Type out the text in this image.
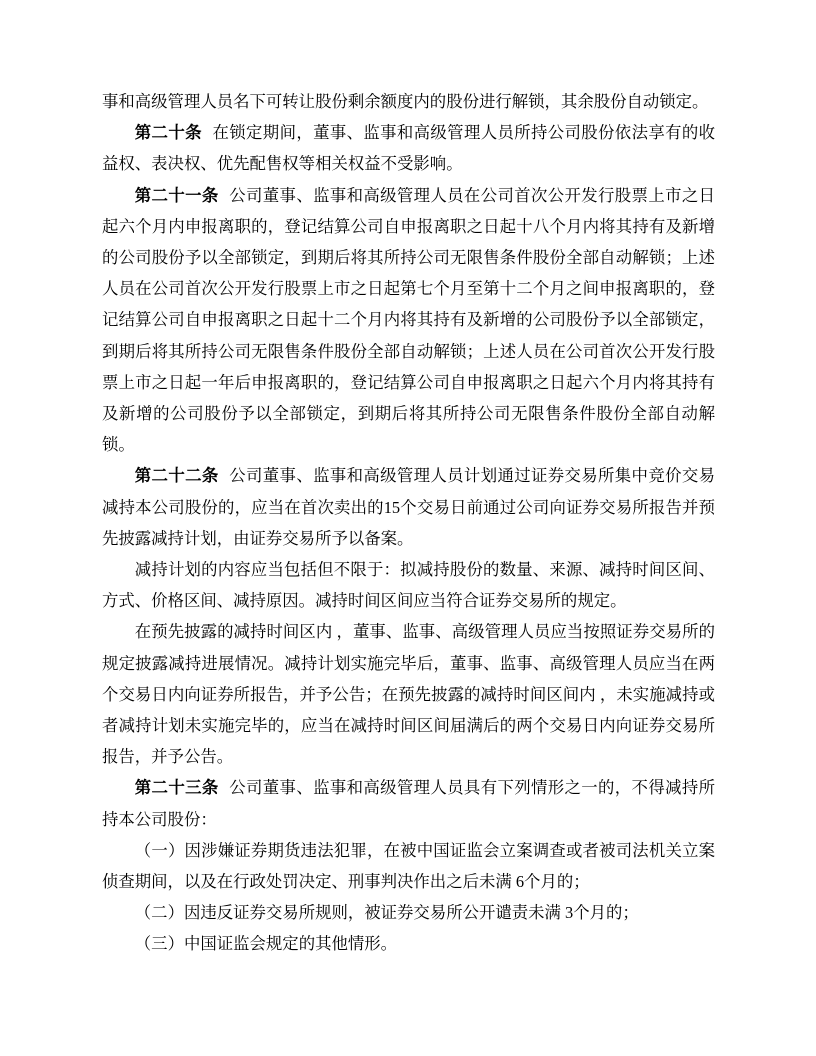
事和高级管理人员名下可转让股份剩余额度内的股份进行解锁，其余股份自动锁定。

第二十条 在锁定期间，董事、监事和高级管理人员所持公司股份依法享有的收益权、表决权、优先配售权等相关权益不受影响。

第二十一条 公司董事、监事和高级管理人员在公司首次公开发行股票上市之日起六个月内申报离职的，登记结算公司自申报离职之日起十八个月内将其持有及新增的公司股份予以全部锁定，到期后将其所持公司无限售条件股份全部自动解锁；上述人员在公司首次公开发行股票上市之日起第七个月至第十二个月之间申报离职的，登记结算公司自申报离职之日起十二个月内将其持有及新增的公司股份予以全部锁定，到期后将其所持公司无限售条件股份全部自动解锁；上述人员在公司首次公开发行股票上市之日起一年后申报离职的，登记结算公司自申报离职之日起六个月内将其持有及新增的公司股份予以全部锁定，到期后将其所持公司无限售条件股份全部自动解锁。

第二十二条 公司董事、监事和高级管理人员计划通过证券交易所集中竞价交易减持本公司股份的，应当在首次卖出的15个交易日前通过公司向证券交易所报告并预先披露减持计划，由证券交易所予以备案。

减持计划的内容应当包括但不限于：拟减持股份的数量、来源、减持时间区间、方式、价格区间、减持原因。减持时间区间应当符合证券交易所的规定。

在预先披露的减持时间区内 ，董事、监事、高级管理人员应当按照证券交易所的规定披露减持进展情况。减持计划实施完毕后，董事、监事、高级管理人员应当在两个交易日内向证券所报告，并予公告；在预先披露的减持时间区间内 ，未实施减持或者减持计划未实施完毕的，应当在减持时间区间届满后的两个交易日内向证券交易所报告，并予公告。

第二十三条 公司董事、监事和高级管理人员具有下列情形之一的，不得减持所持本公司股份：

（一）因涉嫌证券期货违法犯罪，在被中国证监会立案调查或者被司法机关立案侦查期间，以及在行政处罚决定、刑事判决作出之后未满 6个月的；

（二）因违反证券交易所规则，被证券交易所公开谴责未满 3个月的；

（三）中国证监会规定的其他情形。
